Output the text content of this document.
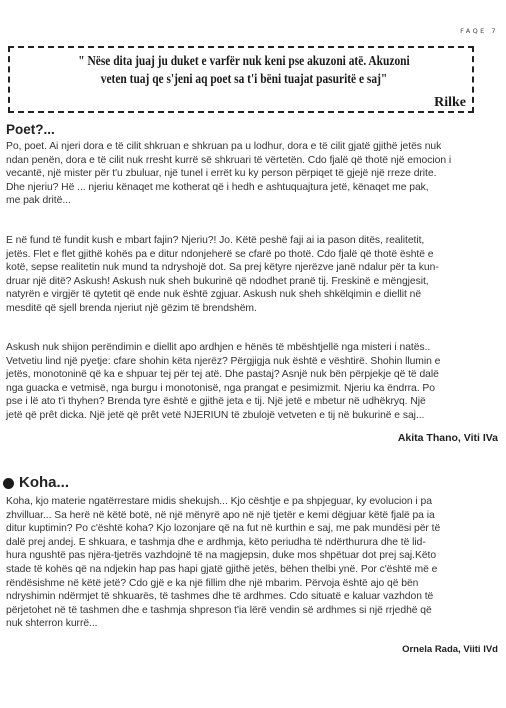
FAQE 7
" Nëse dita juaj ju duket e varfër nuk keni pse akuzoni atë. Akuzoni
veten tuaj qe s'jeni aq poet sa t'i bëni tuajat pasuritë e saj"
Rilke
Poet?...
Po, poet. Ai njeri dora e të cilit shkruan e shkruan pa u lodhur, dora e të cilit gjatë gjithë jetës nuk
ndan penën, dora e të cilit nuk rresht kurrë së shkruari të vërtetën. Cdo fjalë që thotë një emocion i
vecantë, një mister për t'u zbuluar, një tunel i errët ku ky person përpiqet të gjejë një rreze drite.
Dhe njeriu? Hë ... njeriu kënaqet me kotherat që i hedh e ashtuquajtura jetë, kënaqet me pak,
me pak dritë...
E në fund të fundit kush e mbart fajin? Njeriu?! Jo. Këtë peshë faji ai ia pason ditës, realitetit,
jetës. Flet e flet gjithë kohës pa e ditur ndonjeherë se cfarë po thotë. Cdo fjalë që thotë është e
kotë, sepse realitetin nuk mund ta ndryshojë dot. Sa prej këtyre njerëzve janë ndalur për ta kun-
druar një ditë? Askush! Askush nuk sheh bukurinë që ndodhet pranë tij. Freskinë e mëngjesit,
natyrën e virgjër të qytetit që ende nuk është zgjuar. Askush nuk sheh shkëlqimin e diellit në
mesditë që sjell brenda njeriut një gëzim të brendshëm.
Askush nuk shijon perëndimin e diellit apo ardhjen e hënës të mbështjellë nga misteri i natës..
Vetvetiu lind një pyetje: cfare shohin këta njerëz? Përgjigja nuk është e vështirë. Shohin llumin e
jetës, monotoninë që ka e shpuar tej për tej atë. Dhe pastaj? Asnjë nuk bën përpjekje që të dalë
nga guacka e vetmisë, nga burgu i monotonisë, nga prangat e pesimizmit. Njeriu ka ëndrra. Po
pse i lë ato t'i thyhen? Brenda tyre është e gjithë jeta e tij. Një jetë e mbetur në udhëkryq. Një
jetë që prêt dicka. Një jetë që prêt vetë NJERIUN të zbulojë vetveten e tij në bukurinë e saj...
Akita Thano, Viti IVa
Koha...
Koha, kjo materie ngatërrestare midis shekujsh... Kjo cështje e pa shpjeguar, ky evolucion i pa
zhvilluar... Sa herë në këtë botë, në një mënyrë apo në një tjetër e kemi dëgjuar këtë fjalë pa ia
ditur kuptimin? Po c'është koha? Kjo lozonjare që na fut në kurthin e saj, me pak mundësi për të
dalë prej andej. E shkuara, e tashmja dhe e ardhmja, këto periudha të ndërthurura dhe të lid-
hura ngushtë pas njëra-tjetrës vazhdojnë të na magjepsin, duke mos shpëtuar dot prej saj.Këto
stade të kohës që na ndjekin hap pas hapi gjatë gjithë jetës, bëhen thelbi ynë. Por c'është më e
rëndësishme në këtë jetë? Cdo gjë e ka një fillim dhe një mbarim. Përvoja është ajo që bën
ndryshimin ndërmjet të shkuarës, të tashmes dhe të ardhmes. Cdo situatë e kaluar vazhdon të
përjetohet në të tashmen dhe e tashmja shpreson t'ia lërë vendin së ardhmes si një rrjedhë që
nuk shterron kurrë...
Ornela Rada, Viiti IVd
